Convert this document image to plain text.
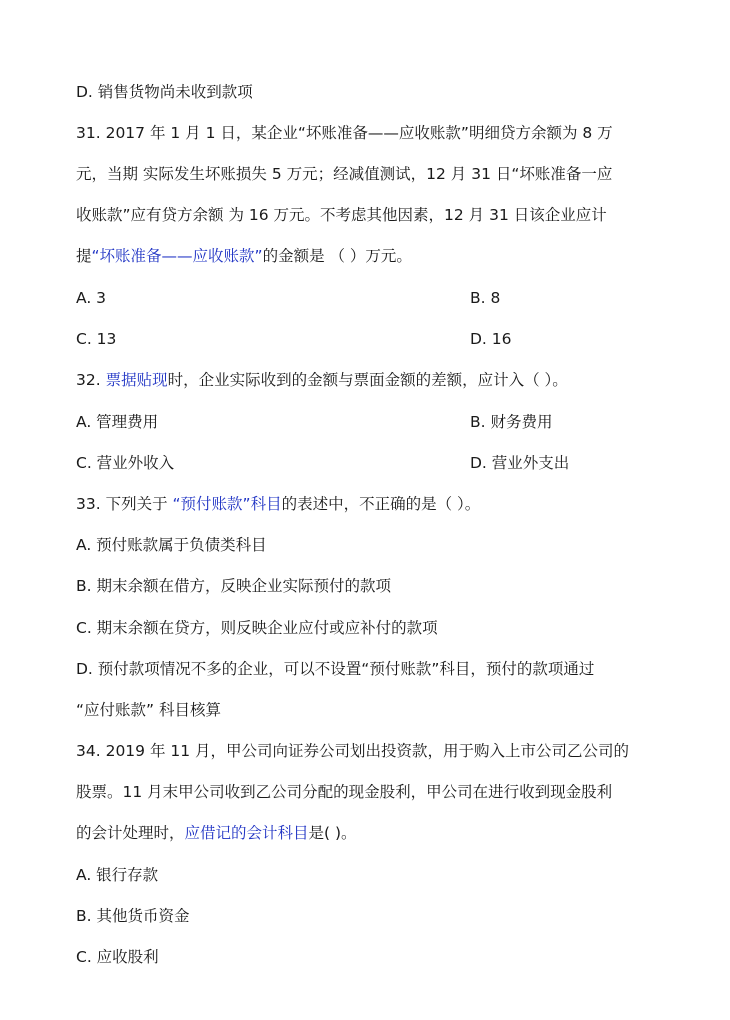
D. 销售货物尚未收到款项
31. 2017 年 1 月 1 日，某企业“坏账准备——应收账款”明细贷方余额为 8 万
元，当期 实际发生坏账损失 5 万元；经减值测试，12 月 31 日“坏账准备一应
收账款”应有贷方余额 为 16 万元。不考虑其他因素，12 月 31 日该企业应计
提“坏账准备——应收账款”的金额是 （ ）万元。
A. 3	B. 8
C. 13	D. 16
32. 票据贴现时，企业实际收到的金额与票面金额的差额，应计入（ ）。
A. 管理费用	B. 财务费用
C. 营业外收入	D. 营业外支出
33. 下列关于 “预付账款”科目的表述中，不正确的是（ ）。
A. 预付账款属于负债类科目
B. 期末余额在借方，反映企业实际预付的款项
C. 期末余额在贷方，则反映企业应付或应补付的款项
D. 预付款项情况不多的企业，可以不设置“预付账款”科目，预付的款项通过
“应付账款” 科目核算
34. 2019 年 11 月，甲公司向证券公司划出投资款，用于购入上市公司乙公司的
股票。11 月末甲公司收到乙公司分配的现金股利，甲公司在进行收到现金股利
的会计处理时，应借记的会计科目是( )。
A. 银行存款
B. 其他货币资金
C. 应收股利
